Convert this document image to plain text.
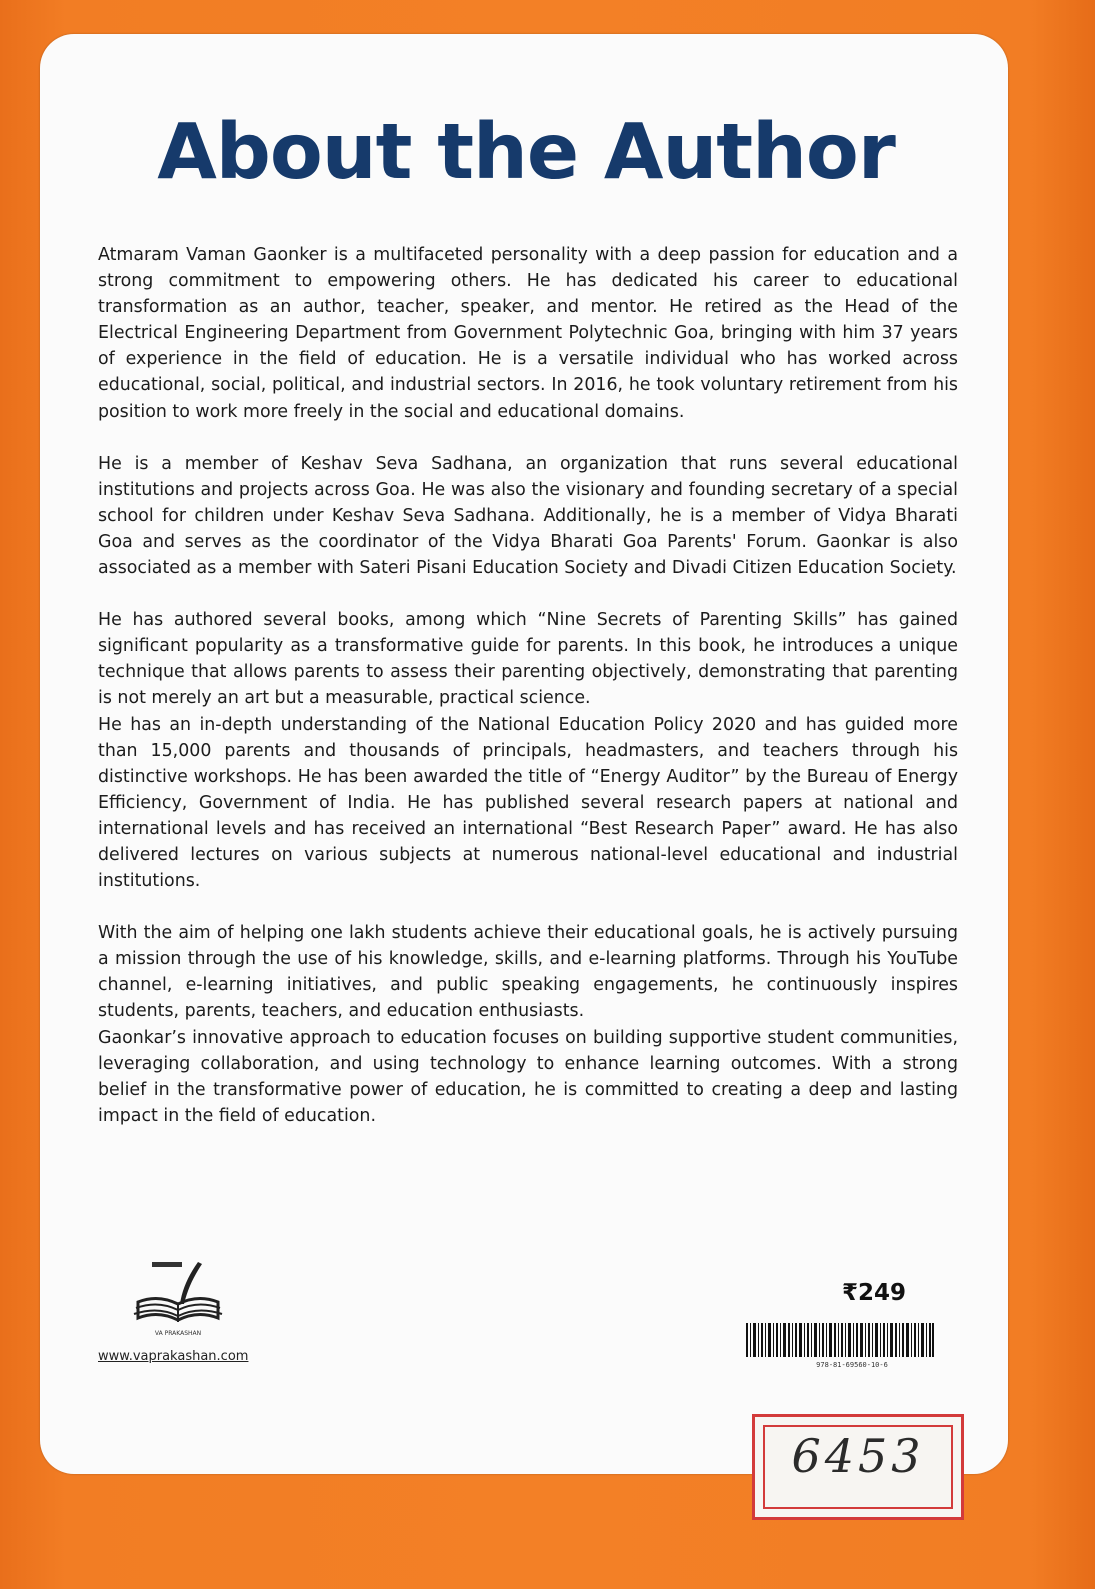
About the Author

Atmaram Vaman Gaonker is a multifaceted personality with a deep passion for education and a strong commitment to empowering others. He has dedicated his career to educational transformation as an author, teacher, speaker, and mentor. He retired as the Head of the Electrical Engineering Department from Government Polytechnic Goa, bringing with him 37 years of experience in the field of education. He is a versatile individual who has worked across educational, social, political, and industrial sectors. In 2016, he took voluntary retirement from his position to work more freely in the social and educational domains.

He is a member of Keshav Seva Sadhana, an organization that runs several educational institutions and projects across Goa. He was also the visionary and founding secretary of a special school for children under Keshav Seva Sadhana. Additionally, he is a member of Vidya Bharati Goa and serves as the coordinator of the Vidya Bharati Goa Parents' Forum. Gaonkar is also associated as a member with Sateri Pisani Education Society and Divadi Citizen Education Society.

He has authored several books, among which “Nine Secrets of Parenting Skills” has gained significant popularity as a transformative guide for parents. In this book, he introduces a unique technique that allows parents to assess their parenting objectively, demonstrating that parenting is not merely an art but a measurable, practical science.

He has an in-depth understanding of the National Education Policy 2020 and has guided more than 15,000 parents and thousands of principals, headmasters, and teachers through his distinctive workshops. He has been awarded the title of “Energy Auditor” by the Bureau of Energy Efficiency, Government of India. He has published several research papers at national and international levels and has received an international “Best Research Paper” award. He has also delivered lectures on various subjects at numerous national-level educational and industrial institutions.

With the aim of helping one lakh students achieve their educational goals, he is actively pursuing a mission through the use of his knowledge, skills, and e-learning platforms. Through his YouTube channel, e-learning initiatives, and public speaking engagements, he continuously inspires students, parents, teachers, and education enthusiasts.

Gaonkar’s innovative approach to education focuses on building supportive student communities, leveraging collaboration, and using technology to enhance learning outcomes. With a strong belief in the transformative power of education, he is committed to creating a deep and lasting impact in the field of education.

VA PRAKASHAN
www.vaprakashan.com
₹249
978-81-69560-10-6
6453
